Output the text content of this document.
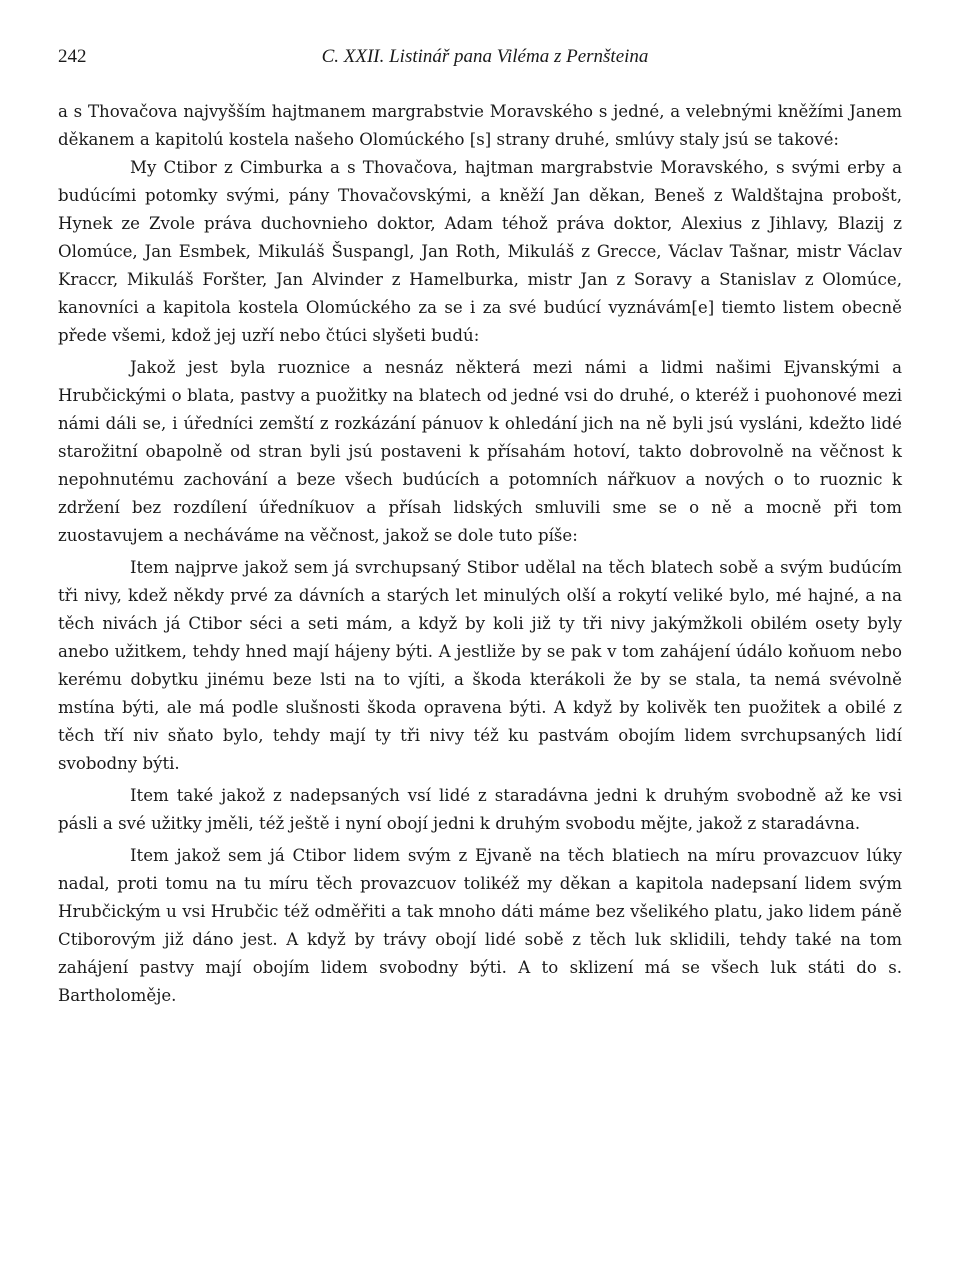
242	C. XXII. Listinář pana Viléma z Pernšteina

a s Thovačova najvyšším hajtmanem margrabstvie Moravského s jedné, a velebnými kněžími Janem děkanem a kapitolú kostela našeho Olomúckého [s] strany druhé, smlúvy staly jsú se takové:

My Ctibor z Cimburka a s Thovačova, hajtman margrabstvie Moravského, s svými erby a budúcími potomky svými, pány Thovačovskými, a kněží Jan děkan, Beneš z Waldštajna probošt, Hynek ze Zvole práva duchovnieho doktor, Adam téhož práva doktor, Alexius z Jihlavy, Blazij z Olomúce, Jan Esmbek, Mikuláš Šuspangl, Jan Roth, Mikuláš z Grecce, Václav Tašnar, mistr Václav Kraccr, Mikuláš Foršter, Jan Alvinder z Hamelburka, mistr Jan z Soravy a Stanislav z Olomúce, kanovníci a kapitola kostela Olomúckého za se i za své budúcí vyznávám[e] tiemto listem obecně přede všemi, kdož jej uzří nebo čtúci slyšeti budú:

Jakož jest byla ruoznice a nesnáz některá mezi námi a lidmi našimi Ejvanskými a Hrubčickými o blata, pastvy a puožitky na blatech od jedné vsi do druhé, o kteréž i puohonové mezi námi dáli se, i úředníci zemští z rozkázání pánuov k ohledání jich na ně byli jsú vysláni, kdežto lidé starožitní obapolně od stran byli jsú postaveni k přísahám hotoví, takto dobrovolně na věčnost k nepohnutému zachování a beze všech budúcích a potomních nářkuov a nových o to ruoznic k zdržení bez rozdílení úředníkuov a přísah lidských smluvili sme se o ně a mocně při tom zuostavujem a necháváme na věčnost, jakož se dole tuto píše:

Item najprve jakož sem já svrchupsaný Stibor udělal na těch blatech sobě a svým budúcím tři nivy, kdež někdy prvé za dávních a starých let minulých olší a rokytí veliké bylo, mé hajné, a na těch nivách já Ctibor séci a seti mám, a když by koli již ty tři nivy jakýmžkoli obilém osety byly anebo užitkem, tehdy hned mají hájeny býti. A jestliže by se pak v tom zahájení údálo koňuom nebo kerému dobytku jinému beze lsti na to vjíti, a škoda kterákoli že by se stala, ta nemá svévolně mstína býti, ale má podle slušnosti škoda opravena býti. A když by kolivěk ten puožitek a obilé z těch tří niv sňato bylo, tehdy mají ty tři nivy též ku pastvám obojím lidem svrchupsaných lidí svobodny býti.

Item také jakož z nadepsaných vsí lidé z staradávna jedni k druhým svobodně až ke vsi pásli a své užitky jměli, též ještě i nyní obojí jedni k druhým svobodu mějte, jakož z staradávna.

Item jakož sem já Ctibor lidem svým z Ejvaně na těch blatiech na míru provazcuov lúky nadal, proti tomu na tu míru těch provazcuov tolikéž my děkan a kapitola nadepsaní lidem svým Hrubčickým u vsi Hrubčic též odměřiti a tak mnoho dáti máme bez všelikého platu, jako lidem páně Ctiborovým již dáno jest. A když by trávy obojí lidé sobě z těch luk sklidili, tehdy také na tom zahájení pastvy mají obojím lidem svobodny býti. A to sklizení má se všech luk státi do s. Bartholoměje.
